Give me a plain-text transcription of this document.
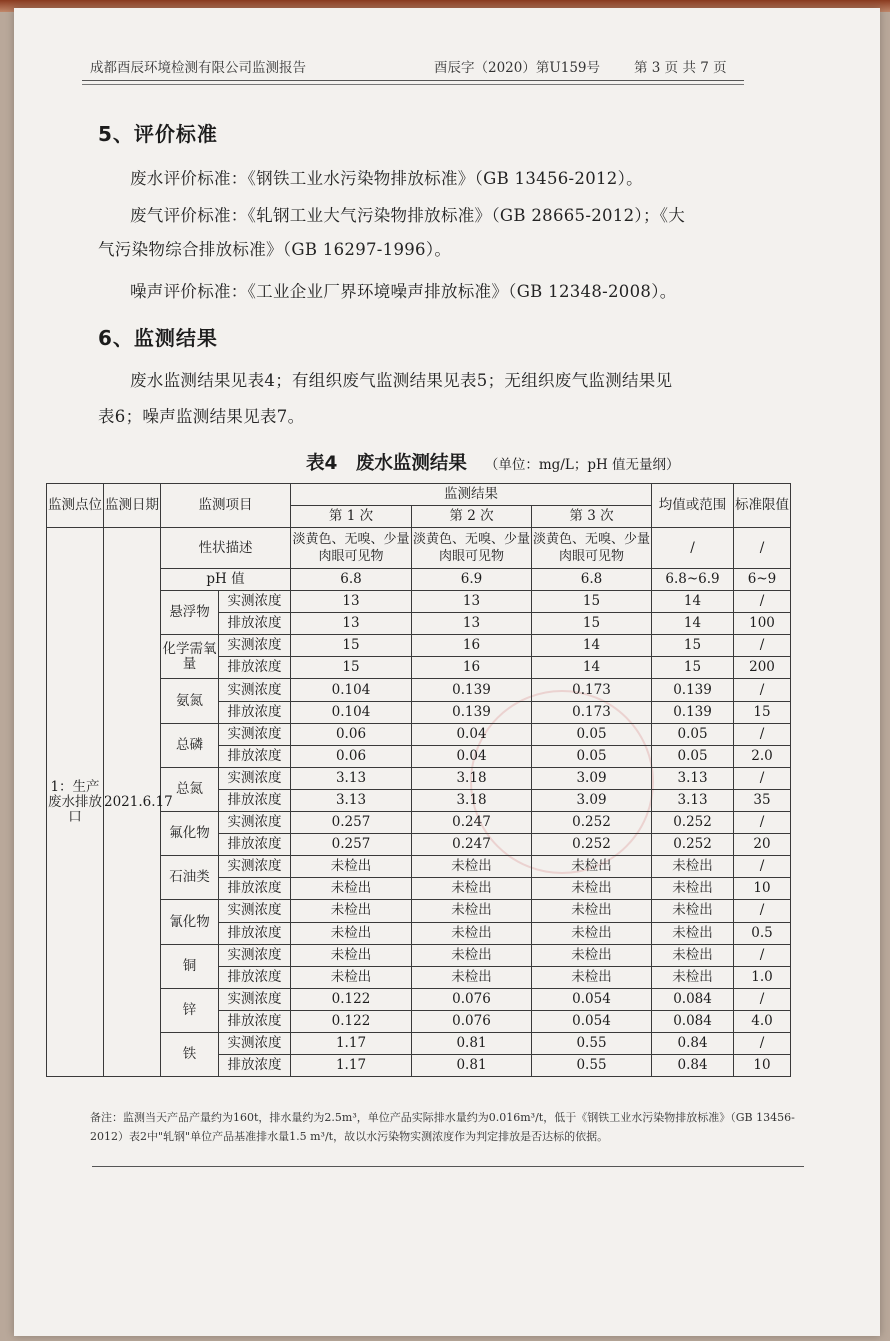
成都酉辰环境检测有限公司监测报告	酉辰字（2020）第U159号	第 3 页 共 7 页
5、评价标准
废水评价标准：《钢铁工业水污染物排放标准》（GB 13456-2012）。
废气评价标准：《轧钢工业大气污染物排放标准》（GB 28665-2012）；《大
气污染物综合排放标准》（GB 16297-1996）。
噪声评价标准：《工业企业厂界环境噪声排放标准》（GB 12348-2008）。
6、监测结果
废水监测结果见表4；有组织废气监测结果见表5；无组织废气监测结果见
表6；噪声监测结果见表7。
表4　废水监测结果 （单位：mg/L；pH 值无量纲）
监测点位	监测日期	监测项目		监测结果			均值或范围	标准限值
				第 1 次	第 2 次	第 3 次		
1：生产废水排放口	2021.6.17	性状描述		淡黄色、无嗅、少量肉眼可见物	淡黄色、无嗅、少量肉眼可见物	淡黄色、无嗅、少量肉眼可见物	/	/
		pH 值		6.8	6.9	6.8	6.8~6.9	6~9
		悬浮物	实测浓度	13	13	15	14	/
			排放浓度	13	13	15	14	100
		化学需氧量	实测浓度	15	16	14	15	/
			排放浓度	15	16	14	15	200
		氨氮	实测浓度	0.104	0.139	0.173	0.139	/
			排放浓度	0.104	0.139	0.173	0.139	15
		总磷	实测浓度	0.06	0.04	0.05	0.05	/
			排放浓度	0.06	0.04	0.05	0.05	2.0
		总氮	实测浓度	3.13	3.18	3.09	3.13	/
			排放浓度	3.13	3.18	3.09	3.13	35
		氟化物	实测浓度	0.257	0.247	0.252	0.252	/
			排放浓度	0.257	0.247	0.252	0.252	20
		石油类	实测浓度	未检出	未检出	未检出	未检出	/
			排放浓度	未检出	未检出	未检出	未检出	10
		氰化物	实测浓度	未检出	未检出	未检出	未检出	/
			排放浓度	未检出	未检出	未检出	未检出	0.5
		铜	实测浓度	未检出	未检出	未检出	未检出	/
			排放浓度	未检出	未检出	未检出	未检出	1.0
		锌	实测浓度	0.122	0.076	0.054	0.084	/
			排放浓度	0.122	0.076	0.054	0.084	4.0
		铁	实测浓度	1.17	0.81	0.55	0.84	/
			排放浓度	1.17	0.81	0.55	0.84	10
备注：监测当天产品产量约为160t，排水量约为2.5m³，单位产品实际排水量约为0.016m³/t，低于《钢铁工业水污染物排放标准》（GB 13456-2012）表2中"轧钢"单位产品基准排水量1.5 m³/t，故以水污染物实测浓度作为判定排放是否达标的依据。
